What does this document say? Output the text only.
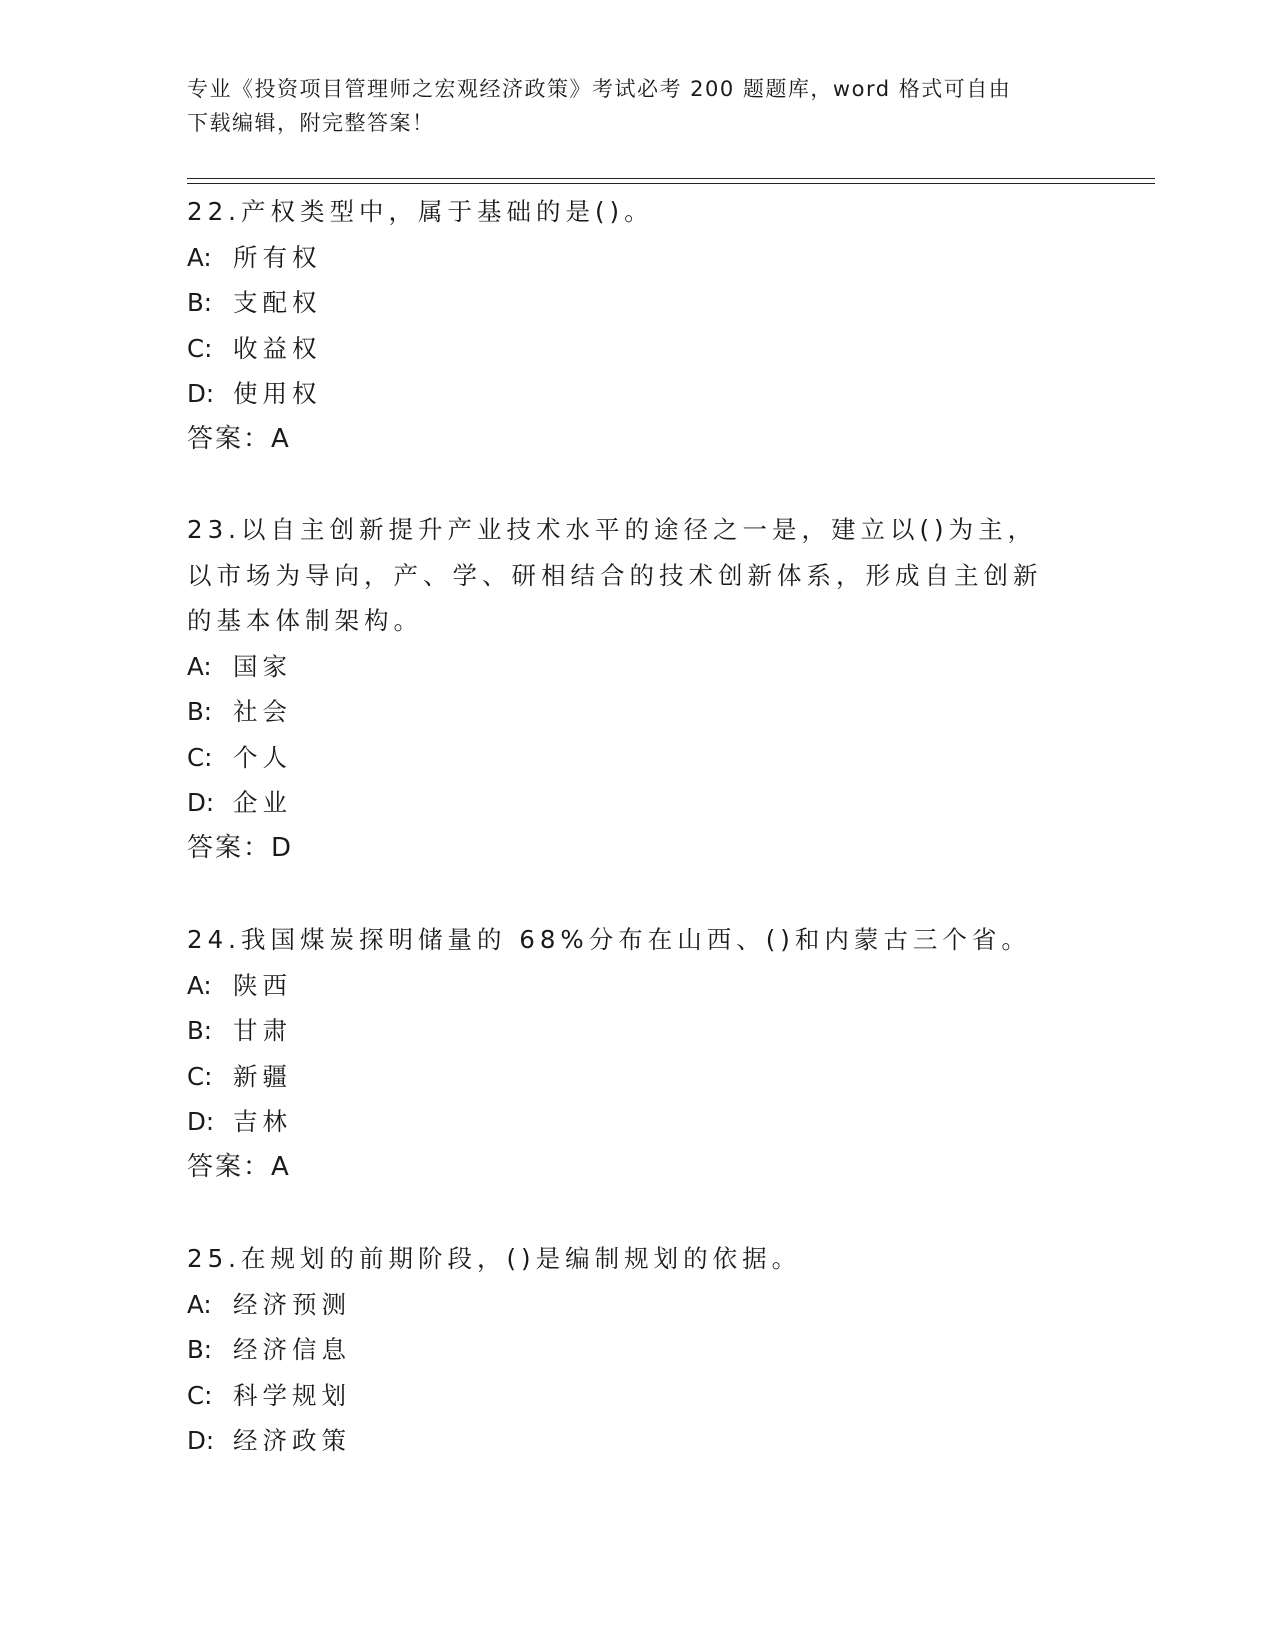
专业《投资项目管理师之宏观经济政策》考试必考 200 题题库，word 格式可自由
下载编辑，附完整答案！
22.产权类型中，属于基础的是()。
A: 所有权
B: 支配权
C: 收益权
D: 使用权
答案：A
23.以自主创新提升产业技术水平的途径之一是，建立以()为主，以市场为导向，产、学、研相结合的技术创新体系，形成自主创新的基本体制架构。
A: 国家
B: 社会
C: 个人
D: 企业
答案：D
24.我国煤炭探明储量的 68%分布在山西、()和内蒙古三个省。
A: 陕西
B: 甘肃
C: 新疆
D: 吉林
答案：A
25.在规划的前期阶段，()是编制规划的依据。
A: 经济预测
B: 经济信息
C: 科学规划
D: 经济政策
